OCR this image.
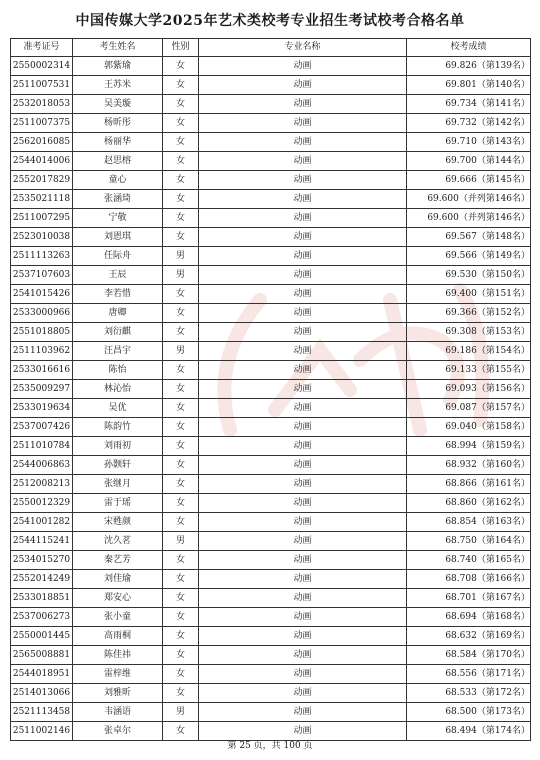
中国传媒大学2025年艺术类校考专业招生考试校考合格名单
准考证号	考生姓名	性别	专业名称	校考成绩
2550002314	郭紫瑜	女	动画	69.826（第139名）
2511007531	王苏米	女	动画	69.801（第140名）
2532018053	吴美璇	女	动画	69.734（第141名）
2511007375	杨昕彤	女	动画	69.732（第142名）
2562016085	杨丽华	女	动画	69.710（第143名）
2544014006	赵思榕	女	动画	69.700（第144名）
2552017829	童心	女	动画	69.666（第145名）
2535021118	张涵琦	女	动画	69.600（并列第146名）
2511007295	宁敬	女	动画	69.600（并列第146名）
2523010038	刘恩琪	女	动画	69.567（第148名）
2511113263	任际舟	男	动画	69.566（第149名）
2537107603	王辰	男	动画	69.530（第150名）
2541015426	李若惜	女	动画	69.400（第151名）
2533000966	唐卿	女	动画	69.366（第152名）
2551018805	刘衍麒	女	动画	69.308（第153名）
2511103962	汪昌宇	男	动画	69.186（第154名）
2533016616	陈怡	女	动画	69.133（第155名）
2535009297	林沁怡	女	动画	69.093（第156名）
2533019634	吴优	女	动画	69.087（第157名）
2537007426	陈韵竹	女	动画	69.040（第158名）
2511010784	刘雨初	女	动画	68.994（第159名）
2544006863	孙颢轩	女	动画	68.932（第160名）
2512008213	张继月	女	动画	68.866（第161名）
2550012329	雷于瑶	女	动画	68.860（第162名）
2541001282	宋甦颜	女	动画	68.854（第163名）
2544115241	沈久茗	男	动画	68.750（第164名）
2534015270	秦艺芳	女	动画	68.740（第165名）
2552014249	刘佳瑜	女	动画	68.708（第166名）
2533018851	郑安心	女	动画	68.701（第167名）
2537006273	张小童	女	动画	68.694（第168名）
2550001445	高雨桐	女	动画	68.632（第169名）
2565008881	陈佳祎	女	动画	68.584（第170名）
2544018951	雷梓维	女	动画	68.556（第171名）
2514013066	刘雅昕	女	动画	68.533（第172名）
2521113458	韦涵语	男	动画	68.500（第173名）
2511002146	张卓尔	女	动画	68.494（第174名）
第 25 页，共 100 页
